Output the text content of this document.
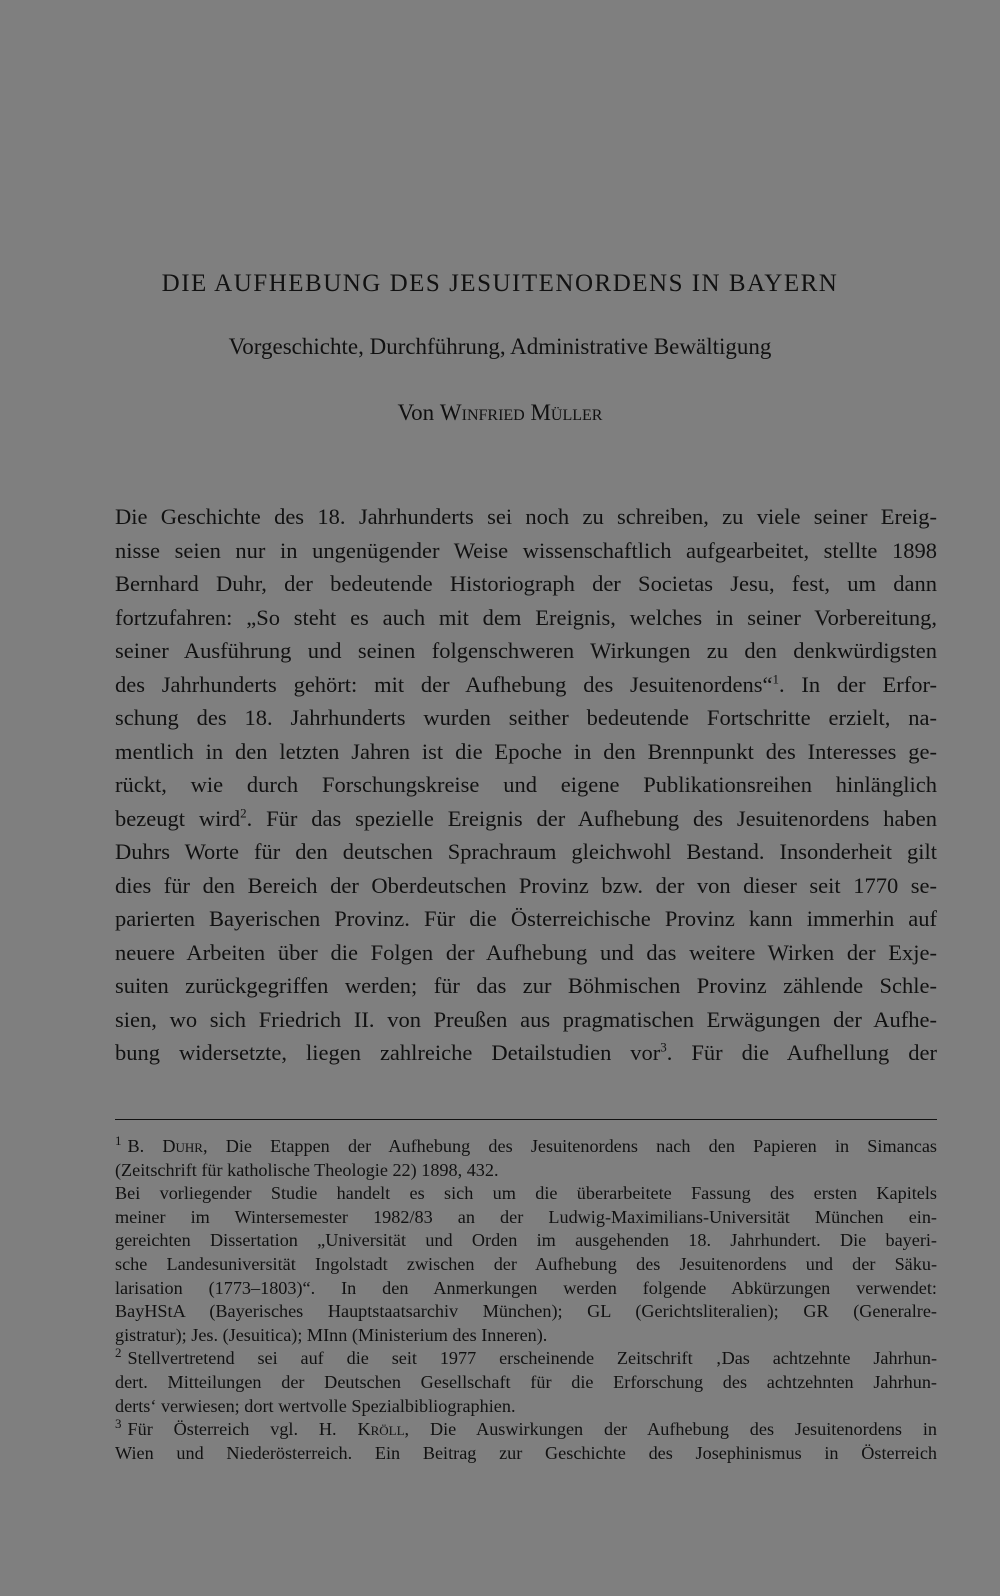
DIE AUFHEBUNG DES JESUITENORDENS IN BAYERN

Vorgeschichte, Durchführung, Administrative Bewältigung

Von Winfried Müller

Die Geschichte des 18. Jahrhunderts sei noch zu schreiben, zu viele seiner Ereig-
nisse seien nur in ungenügender Weise wissenschaftlich aufgearbeitet, stellte 1898
Bernhard Duhr, der bedeutende Historiograph der Societas Jesu, fest, um dann
fortzufahren: „So steht es auch mit dem Ereignis, welches in seiner Vorbereitung,
seiner Ausführung und seinen folgenschweren Wirkungen zu den denkwürdigsten
des Jahrhunderts gehört: mit der Aufhebung des Jesuitenordens“$^1$. In der Erfor-
schung des 18. Jahrhunderts wurden seither bedeutende Fortschritte erzielt, na-
mentlich in den letzten Jahren ist die Epoche in den Brennpunkt des Interesses ge-
rückt, wie durch Forschungskreise und eigene Publikationsreihen hinlänglich
bezeugt wird$^2$. Für das spezielle Ereignis der Aufhebung des Jesuitenordens haben
Duhrs Worte für den deutschen Sprachraum gleichwohl Bestand. Insonderheit gilt
dies für den Bereich der Oberdeutschen Provinz bzw. der von dieser seit 1770 se-
parierten Bayerischen Provinz. Für die Österreichische Provinz kann immerhin auf
neuere Arbeiten über die Folgen der Aufhebung und das weitere Wirken der Exje-
suiten zurückgegriffen werden; für das zur Böhmischen Provinz zählende Schle-
sien, wo sich Friedrich II. von Preußen aus pragmatischen Erwägungen der Aufhe-
bung widersetzte, liegen zahlreiche Detailstudien vor$^3$. Für die Aufhellung der
$^1$ B. Duhr, Die Etappen der Aufhebung des Jesuitenordens nach den Papieren in Simancas
(Zeitschrift für katholische Theologie 22) 1898, 432.
Bei vorliegender Studie handelt es sich um die überarbeitete Fassung des ersten Kapitels
meiner im Wintersemester 1982/83 an der Ludwig-Maximilians-Universität München ein-
gereichten Dissertation „Universität und Orden im ausgehenden 18. Jahrhundert. Die bayeri-
sche Landesuniversität Ingolstadt zwischen der Aufhebung des Jesuitenordens und der Säku-
larisation (1773–1803)“. In den Anmerkungen werden folgende Abkürzungen verwendet:
BayHStA (Bayerisches Hauptstaatsarchiv München); GL (Gerichtsliteralien); GR (Generalre-
gistratur); Jes. (Jesuitica); MInn (Ministerium des Inneren).
$^2$ Stellvertretend sei auf die seit 1977 erscheinende Zeitschrift ‚Das achtzehnte Jahrhun-
dert. Mitteilungen der Deutschen Gesellschaft für die Erforschung des achtzehnten Jahrhun-
derts‘ verwiesen; dort wertvolle Spezialbibliographien.
$^3$ Für Österreich vgl. H. Kröll, Die Auswirkungen der Aufhebung des Jesuitenordens in
Wien und Niederösterreich. Ein Beitrag zur Geschichte des Josephinismus in Österreich
